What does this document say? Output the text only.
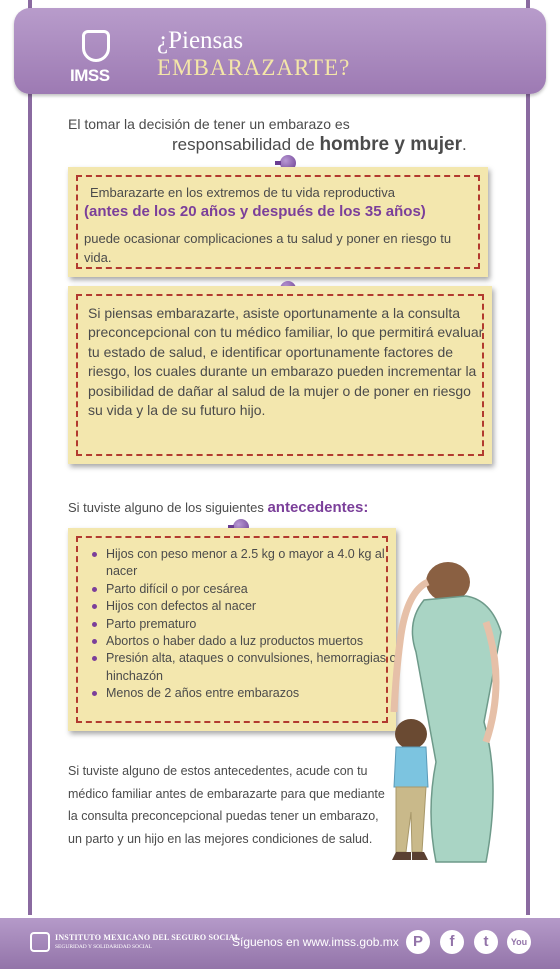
IMSS
¿Piensas
EMBARAZARTE?
El tomar la decisión de tener un embarazo es
responsabilidad de hombre y mujer.
Embarazarte en los extremos de tu vida reproductiva
(antes de los 20 años y después de los 35 años)
puede ocasionar complicaciones a tu salud y poner en riesgo tu vida.
Si piensas embarazarte, asiste oportunamente a la consulta preconcepcional con tu médico familiar, lo que permitirá evaluar tu estado de salud, e identificar oportunamente factores de riesgo, los cuales durante un embarazo pueden incrementar la posibilidad de dañar al salud de la mujer o de poner en riesgo su vida y la de su futuro hijo.
Si tuviste alguno de los siguientes antecedentes:
Hijos con peso menor a 2.5 kg o mayor a 4.0 kg al nacer
Parto difícil o por cesárea
Hijos con defectos al nacer
Parto prematuro
Abortos o haber dado a luz productos muertos
Presión alta, ataques o convulsiones, hemorragias o hinchazón
Menos de 2 años entre embarazos
Si tuviste alguno de estos antecedentes, acude con tu médico familiar antes de embarazarte para que mediante la consulta preconcepcional puedas tener un embarazo, un parto y un hijo en las mejores condiciones de salud.
INSTITUTO MEXICANO DEL SEGURO SOCIAL
SEGURIDAD Y SOLIDARIDAD SOCIAL	Síguenos en www.imss.gob.mx P	f	t	You
